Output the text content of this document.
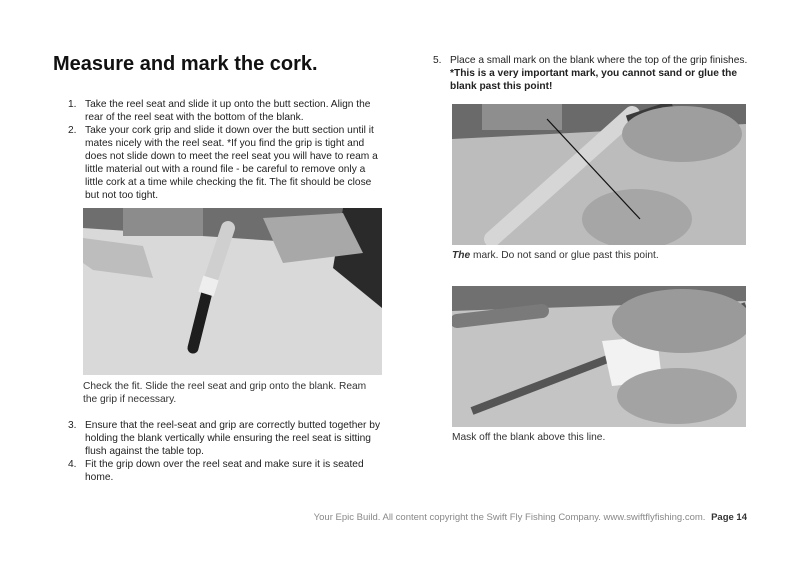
Measure and mark the cork.
1. Take the reel seat and slide it up onto the butt section. Align the rear of the reel seat with the bottom of the blank.
2. Take your cork grip and slide it down over the butt section until it mates nicely with the reel seat. *If you find the grip is tight and does not slide down to meet the reel seat you will have to ream a little material out with a round file - be careful to remove only a little cork at a time while checking the fit. The fit should be close but not too tight.
Check the fit. Slide the reel seat and grip onto the blank. Ream the grip if necessary.
3. Ensure that the reel-seat and grip are correctly butted together by holding the blank vertically while ensuring the reel seat is sitting flush against the table top.
4. Fit the grip down over the reel seat and make sure it is seated home.
5. Place a small mark on the blank where the top of the grip finishes. *This is a very important mark, you cannot sand or glue the blank past this point!
The mark. Do not sand or glue past this point.
Mask off the blank above this line.
Your Epic Build. All content copyright the Swift Fly Fishing Company. www.swiftflyfishing.com. Page 14
